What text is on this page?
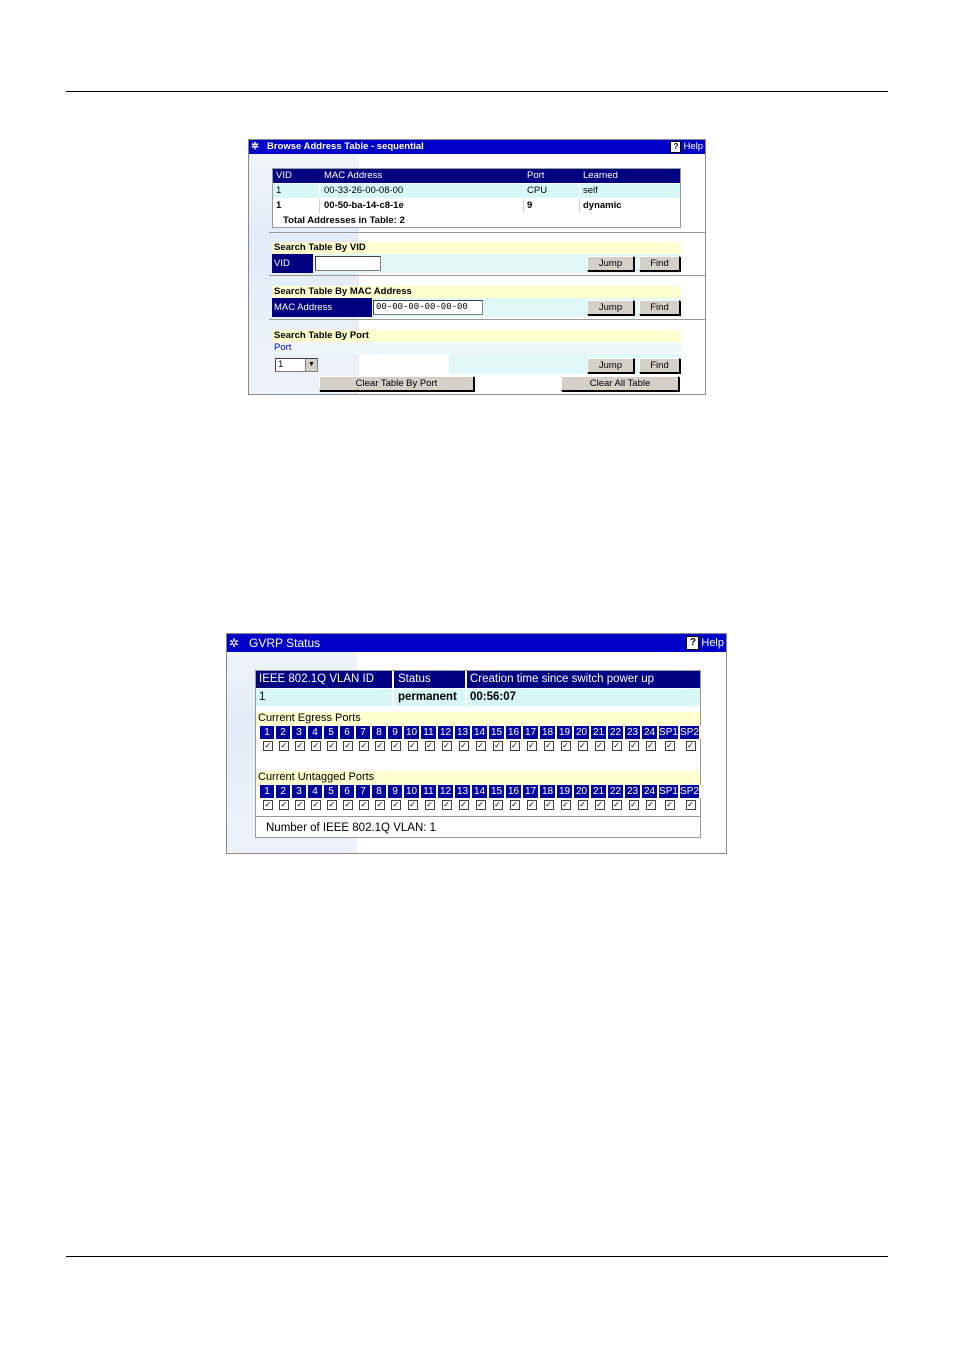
✲ Browse Address Table - sequential	? Help
VID	MAC Address	Port	Learned
1	00-33-26-00-08-00	CPU	self
1	00-50-ba-14-c8-1e	9	dynamic
Total Addresses in Table: 2
Search Table By VID
VID	Jump	Find
Search Table By MAC Address
MAC Address	00-00-00-00-00-00	Jump	Find
Search Table By Port
Port
1	▼	Jump	Find
Clear Table By Port	Clear All Table
✲ GVRP Status	? Help
IEEE 802.1Q VLAN ID	Status	Creation time since switch power up
1	permanent	00:56:07
Current Egress Ports
1	2	3	4	5	6	7	8	9 10 11 12 13 14 15 16 17 18 19 20 21 22 23 24 SP1 SP2
✓ ✓ ✓ ✓ ✓ ✓ ✓ ✓ ✓ ✓ ✓ ✓ ✓ ✓ ✓ ✓ ✓ ✓ ✓ ✓ ✓ ✓ ✓ ✓ ✓ ✓
Current Untagged Ports
1	2	3	4	5	6	7	8	9 10 11 12 13 14 15 16 17 18 19 20 21 22 23 24 SP1 SP2
✓ ✓ ✓ ✓ ✓ ✓ ✓ ✓ ✓ ✓ ✓ ✓ ✓ ✓ ✓ ✓ ✓ ✓ ✓ ✓ ✓ ✓ ✓ ✓ ✓ ✓
Number of IEEE 802.1Q VLAN: 1
